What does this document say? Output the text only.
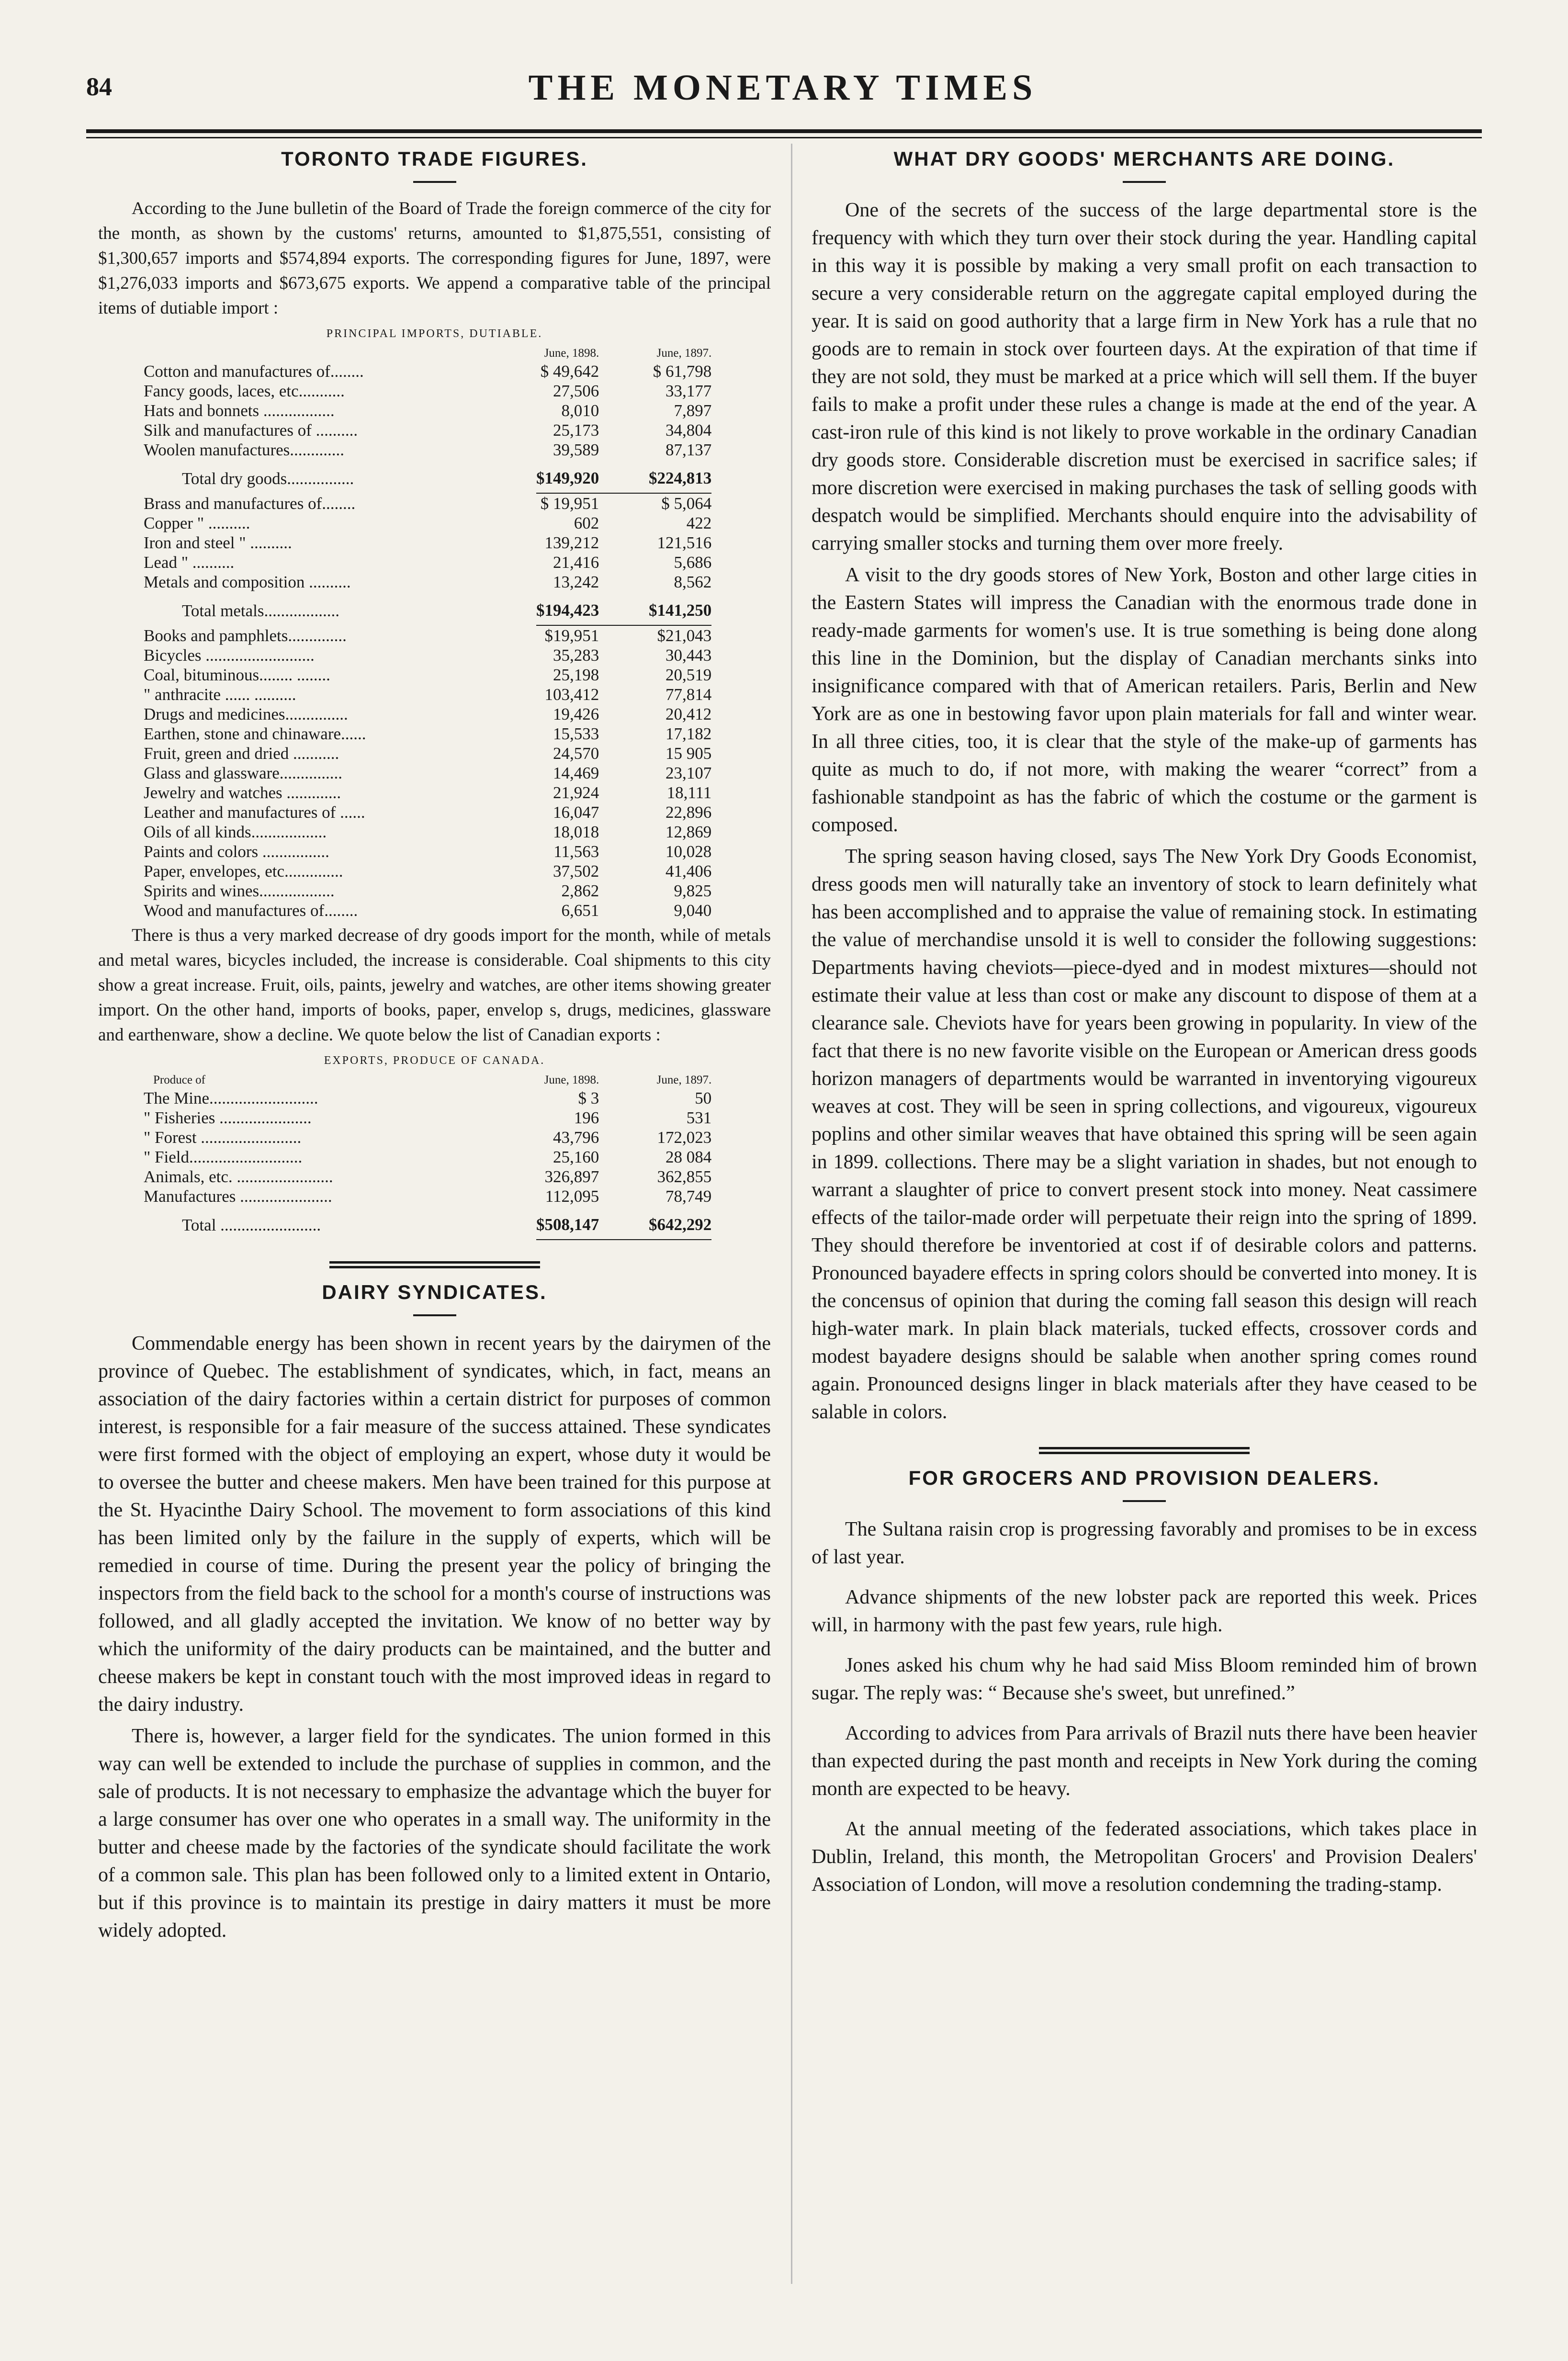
84	THE MONETARY TIMES
TORONTO TRADE FIGURES.

According to the June bulletin of the Board of Trade the foreign commerce of the city for the month, as shown by the customs' returns, amounted to $1,875,551, consisting of $1,300,657 imports and $574,894 exports. The corresponding figures for June, 1897, were $1,276,033 imports and $673,675 exports. We append a comparative table of the principal items of dutiable import :

PRINCIPAL IMPORTS, DUTIABLE.
	June, 1898.	June, 1897.
Cotton and manufactures of........	$ 49,642	$ 61,798
Fancy goods, laces, etc...........	27,506	33,177
Hats and bonnets .................	8,010	7,897
Silk and manufactures of ..........	25,173	34,804
Woolen manufactures.............	39,589	87,137
Total dry goods................	$149,920	$224,813
Brass and manufactures of........	$ 19,951	$ 5,064
Copper " ..........	602	422
Iron and steel " ..........	139,212	121,516
Lead " ..........	21,416	5,686
Metals and composition ..........	13,242	8,562
Total metals..................	$194,423	$141,250
Books and pamphlets..............	$19,951	$21,043
Bicycles ..........................	35,283	30,443
Coal, bituminous........ ........	25,198	20,519
" anthracite ...... ..........	103,412	77,814
Drugs and medicines...............	19,426	20,412
Earthen, stone and chinaware......	15,533	17,182
Fruit, green and dried ...........	24,570	15 905
Glass and glassware...............	14,469	23,107
Jewelry and watches .............	21,924	18,111
Leather and manufactures of ......	16,047	22,896
Oils of all kinds..................	18,018	12,869
Paints and colors ................	11,563	10,028
Paper, envelopes, etc..............	37,502	41,406
Spirits and wines..................	2,862	9,825
Wood and manufactures of........	6,651	9,040

There is thus a very marked decrease of dry goods import for the month, while of metals and metal wares, bicycles included, the increase is considerable. Coal shipments to this city show a great increase. Fruit, oils, paints, jewelry and watches, are other items showing greater import. On the other hand, imports of books, paper, envelop s, drugs, medicines, glassware and earthenware, show a decline. We quote below the list of Canadian exports :

EXPORTS, PRODUCE OF CANADA.
Produce of	June, 1898.	June, 1897.
The Mine..........................	$ 3	50
" Fisheries ......................	196	531
" Forest ........................	43,796	172,023
" Field...........................	25,160	28 084
Animals, etc. .......................	326,897	362,855
Manufactures ......................	112,095	78,749
Total ........................	$508,147	$642,292
DAIRY SYNDICATES.

Commendable energy has been shown in recent years by the dairymen of the province of Quebec. The establishment of syndicates, which, in fact, means an association of the dairy factories within a certain district for purposes of common interest, is responsible for a fair measure of the success attained. These syndicates were first formed with the object of employing an expert, whose duty it would be to oversee the butter and cheese makers. Men have been trained for this purpose at the St. Hyacinthe Dairy School. The movement to form associations of this kind has been limited only by the failure in the supply of experts, which will be remedied in course of time. During the present year the policy of bringing the inspectors from the field back to the school for a month's course of instructions was followed, and all gladly accepted the invitation. We know of no better way by which the uniformity of the dairy products can be maintained, and the butter and cheese makers be kept in constant touch with the most improved ideas in regard to the dairy industry.

There is, however, a larger field for the syndicates. The union formed in this way can well be extended to include the purchase of supplies in common, and the sale of products. It is not necessary to emphasize the advantage which the buyer for a large consumer has over one who operates in a small way. The uniformity in the butter and cheese made by the factories of the syndicate should facilitate the work of a common sale. This plan has been followed only to a limited extent in Ontario, but if this province is to maintain its prestige in dairy matters it must be more widely adopted.

WHAT DRY GOODS' MERCHANTS ARE DOING.

One of the secrets of the success of the large departmental store is the frequency with which they turn over their stock during the year. Handling capital in this way it is possible by making a very small profit on each transaction to secure a very considerable return on the aggregate capital employed during the year. It is said on good authority that a large firm in New York has a rule that no goods are to remain in stock over fourteen days. At the expiration of that time if they are not sold, they must be marked at a price which will sell them. If the buyer fails to make a profit under these rules a change is made at the end of the year. A cast-iron rule of this kind is not likely to prove workable in the ordinary Canadian dry goods store. Considerable discretion must be exercised in sacrifice sales; if more discretion were exercised in making purchases the task of selling goods with despatch would be simplified. Merchants should enquire into the advisability of carrying smaller stocks and turning them over more freely.

A visit to the dry goods stores of New York, Boston and other large cities in the Eastern States will impress the Canadian with the enormous trade done in ready-made garments for women's use. It is true something is being done along this line in the Dominion, but the display of Canadian merchants sinks into insignificance compared with that of American retailers. Paris, Berlin and New York are as one in bestowing favor upon plain materials for fall and winter wear. In all three cities, too, it is clear that the style of the make-up of garments has quite as much to do, if not more, with making the wearer “correct” from a fashionable standpoint as has the fabric of which the costume or the garment is composed.

The spring season having closed, says The New York Dry Goods Economist, dress goods men will naturally take an inventory of stock to learn definitely what has been accomplished and to appraise the value of remaining stock. In estimating the value of merchandise unsold it is well to consider the following suggestions: Departments having cheviots—piece-dyed and in modest mixtures—should not estimate their value at less than cost or make any discount to dispose of them at a clearance sale. Cheviots have for years been growing in popularity. In view of the fact that there is no new favorite visible on the European or American dress goods horizon managers of departments would be warranted in inventorying vigoureux weaves at cost. They will be seen in spring collections, and vigoureux, vigoureux poplins and other similar weaves that have obtained this spring will be seen again in 1899. collections. There may be a slight variation in shades, but not enough to warrant a slaughter of price to convert present stock into money. Neat cassimere effects of the tailor-made order will perpetuate their reign into the spring of 1899. They should therefore be inventoried at cost if of desirable colors and patterns. Pronounced bayadere effects in spring colors should be converted into money. It is the concensus of opinion that during the coming fall season this design will reach high-water mark. In plain black materials, tucked effects, crossover cords and modest bayadere designs should be salable when another spring comes round again. Pronounced designs linger in black materials after they have ceased to be salable in colors.

FOR GROCERS AND PROVISION DEALERS.

The Sultana raisin crop is progressing favorably and promises to be in excess of last year.

Advance shipments of the new lobster pack are reported this week. Prices will, in harmony with the past few years, rule high.

Jones asked his chum why he had said Miss Bloom reminded him of brown sugar. The reply was: “ Because she's sweet, but unrefined.”

According to advices from Para arrivals of Brazil nuts there have been heavier than expected during the past month and receipts in New York during the coming month are expected to be heavy.

At the annual meeting of the federated associations, which takes place in Dublin, Ireland, this month, the Metropolitan Grocers' and Provision Dealers' Association of London, will move a resolution condemning the trading-stamp.
